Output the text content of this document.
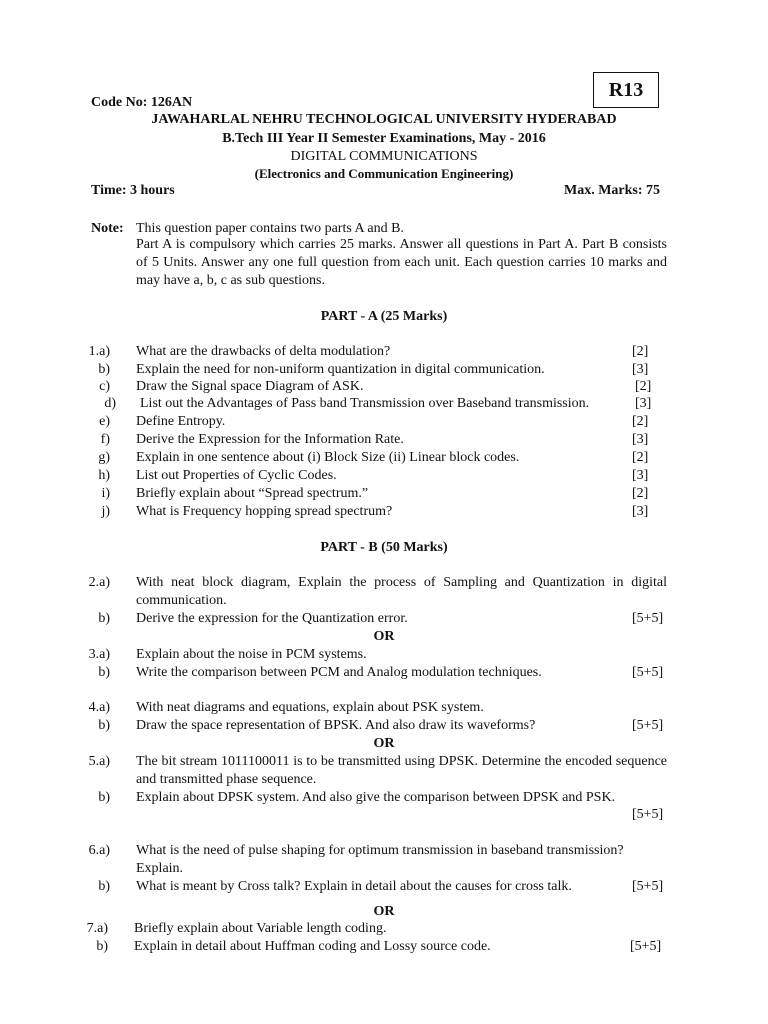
R13
Code No: 126AN
JAWAHARLAL NEHRU TECHNOLOGICAL UNIVERSITY HYDERABAD
B.Tech III Year II Semester Examinations, May - 2016
DIGITAL COMMUNICATIONS
(Electronics and Communication Engineering)
Time: 3 hours	Max. Marks: 75
Note: This question paper contains two parts A and B.
Part A is compulsory which carries 25 marks. Answer all questions in Part A. Part B consists of 5 Units. Answer any one full question from each unit. Each question carries 10 marks and may have a, b, c as sub questions.
PART - A (25 Marks)
1.a) What are the drawbacks of delta modulation?	[2]
b) Explain the need for non-uniform quantization in digital communication.	[3]
c) Draw the Signal space Diagram of ASK.	[2]
d) List out the Advantages of Pass band Transmission over Baseband transmission.	[3]
e) Define Entropy.	[2]
f) Derive the Expression for the Information Rate.	[3]
g) Explain in one sentence about (i) Block Size (ii) Linear block codes.	[2]
h) List out Properties of Cyclic Codes.	[3]
i) Briefly explain about “Spread spectrum.”	[2]
j) What is Frequency hopping spread spectrum?	[3]
PART - B (50 Marks)
2.a) With neat block diagram, Explain the process of Sampling and Quantization in digital communication.
b) Derive the expression for the Quantization error.	[5+5]
OR
3.a) Explain about the noise in PCM systems.
b) Write the comparison between PCM and Analog modulation techniques.	[5+5]
4.a) With neat diagrams and equations, explain about PSK system.
b) Draw the space representation of BPSK. And also draw its waveforms?	[5+5]
OR
5.a) The bit stream 1011100011 is to be transmitted using DPSK. Determine the encoded sequence and transmitted phase sequence.
b) Explain about DPSK system. And also give the comparison between DPSK and PSK.
[5+5]
6.a) What is the need of pulse shaping for optimum transmission in baseband transmission? Explain.
b) What is meant by Cross talk? Explain in detail about the causes for cross talk.	[5+5]
OR
7.a) Briefly explain about Variable length coding.
b) Explain in detail about Huffman coding and Lossy source code.	[5+5]
